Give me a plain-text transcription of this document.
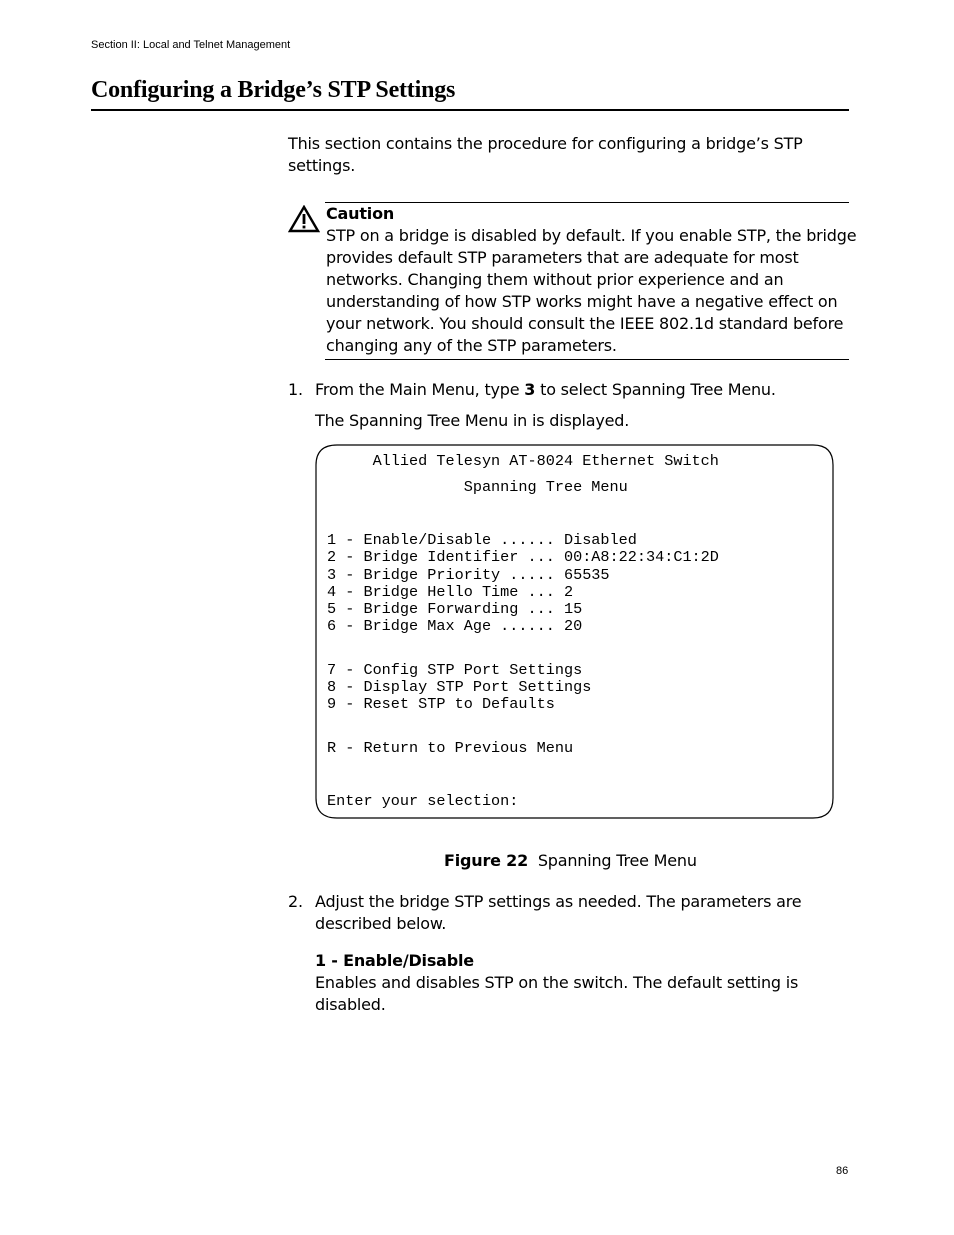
Section II: Local and Telnet Management
Configuring a Bridge’s STP Settings
This section contains the procedure for configuring a bridge’s STP
settings.
Caution
STP on a bridge is disabled by default. If you enable STP, the bridge
provides default STP parameters that are adequate for most
networks. Changing them without prior experience and an
understanding of how STP works might have a negative effect on
your network. You should consult the IEEE 802.1d standard before
changing any of the STP parameters.
1. From the Main Menu, type 3 to select Spanning Tree Menu.
The Spanning Tree Menu in is displayed.
Allied Telesyn AT-8024 Ethernet Switch
Spanning Tree Menu
1 - Enable/Disable ...... Disabled
2 - Bridge Identifier ... 00:A8:22:34:C1:2D
3 - Bridge Priority ..... 65535
4 - Bridge Hello Time ... 2
5 - Bridge Forwarding ... 15
6 - Bridge Max Age ...... 20
7 - Config STP Port Settings
8 - Display STP Port Settings
9 - Reset STP to Defaults
R - Return to Previous Menu
Enter your selection:
Figure 22 Spanning Tree Menu
2. Adjust the bridge STP settings as needed. The parameters are
described below.
1 - Enable/Disable
Enables and disables STP on the switch. The default setting is
disabled.
86
